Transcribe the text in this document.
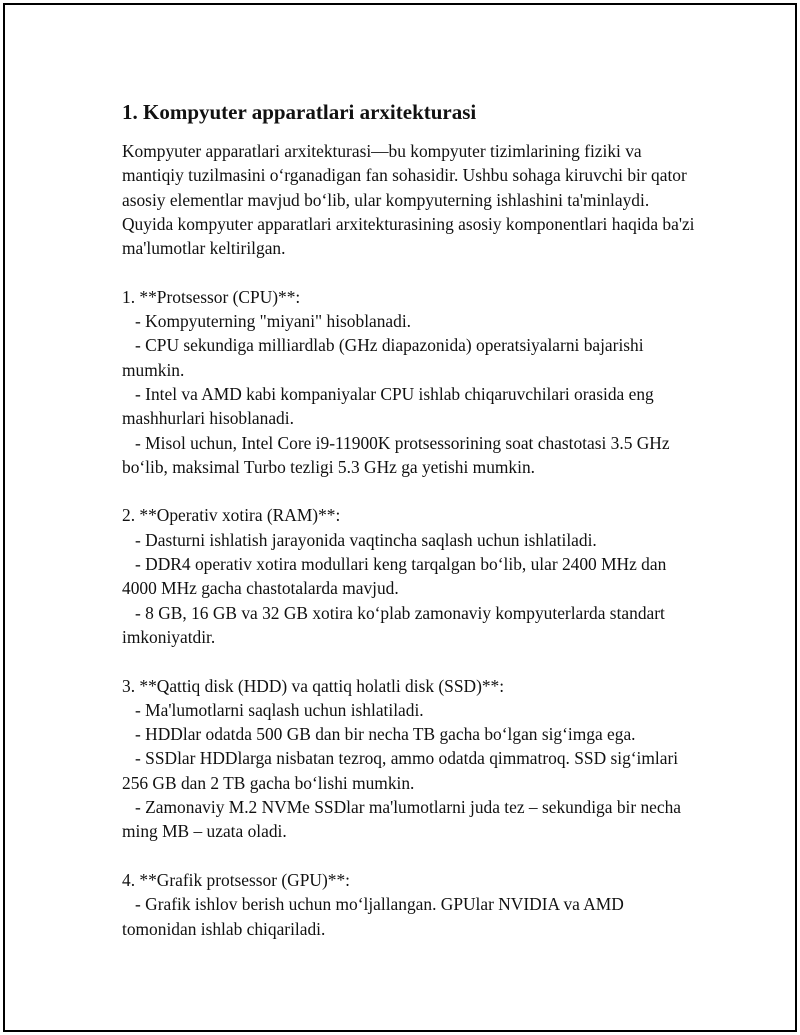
1. Kompyuter apparatlari arxitekturasi

Kompyuter apparatlari arxitekturasi—bu kompyuter tizimlarining fiziki va mantiqiy tuzilmasini o‘rganadigan fan sohasidir. Ushbu sohaga kiruvchi bir qator asosiy elementlar mavjud bo‘lib, ular kompyuterning ishlashini ta'minlaydi. Quyida kompyuter apparatlari arxitekturasining asosiy komponentlari haqida ba'zi ma'lumotlar keltirilgan.

1. **Protsessor (CPU)**:

- Kompyuterning "miyani" hisoblanadi.

- CPU sekundiga milliardlab (GHz diapazonida) operatsiyalarni bajarishi mumkin.

- Intel va AMD kabi kompaniyalar CPU ishlab chiqaruvchilari orasida eng mashhurlari hisoblanadi.

- Misol uchun, Intel Core i9-11900K protsessorining soat chastotasi 3.5 GHz bo‘lib, maksimal Turbo tezligi 5.3 GHz ga yetishi mumkin.

2. **Operativ xotira (RAM)**:

- Dasturni ishlatish jarayonida vaqtincha saqlash uchun ishlatiladi.

- DDR4 operativ xotira modullari keng tarqalgan bo‘lib, ular 2400 MHz dan 4000 MHz gacha chastotalarda mavjud.

- 8 GB, 16 GB va 32 GB xotira ko‘plab zamonaviy kompyuterlarda standart imkoniyatdir.

3. **Qattiq disk (HDD) va qattiq holatli disk (SSD)**:

- Ma'lumotlarni saqlash uchun ishlatiladi.

- HDDlar odatda 500 GB dan bir necha TB gacha bo‘lgan sig‘imga ega.

- SSDlar HDDlarga nisbatan tezroq, ammo odatda qimmatroq. SSD sig‘imlari 256 GB dan 2 TB gacha bo‘lishi mumkin.

- Zamonaviy M.2 NVMe SSDlar ma'lumotlarni juda tez – sekundiga bir necha ming MB – uzata oladi.

4. **Grafik protsessor (GPU)**:

- Grafik ishlov berish uchun mo‘ljallangan. GPUlar NVIDIA va AMD tomonidan ishlab chiqariladi.
